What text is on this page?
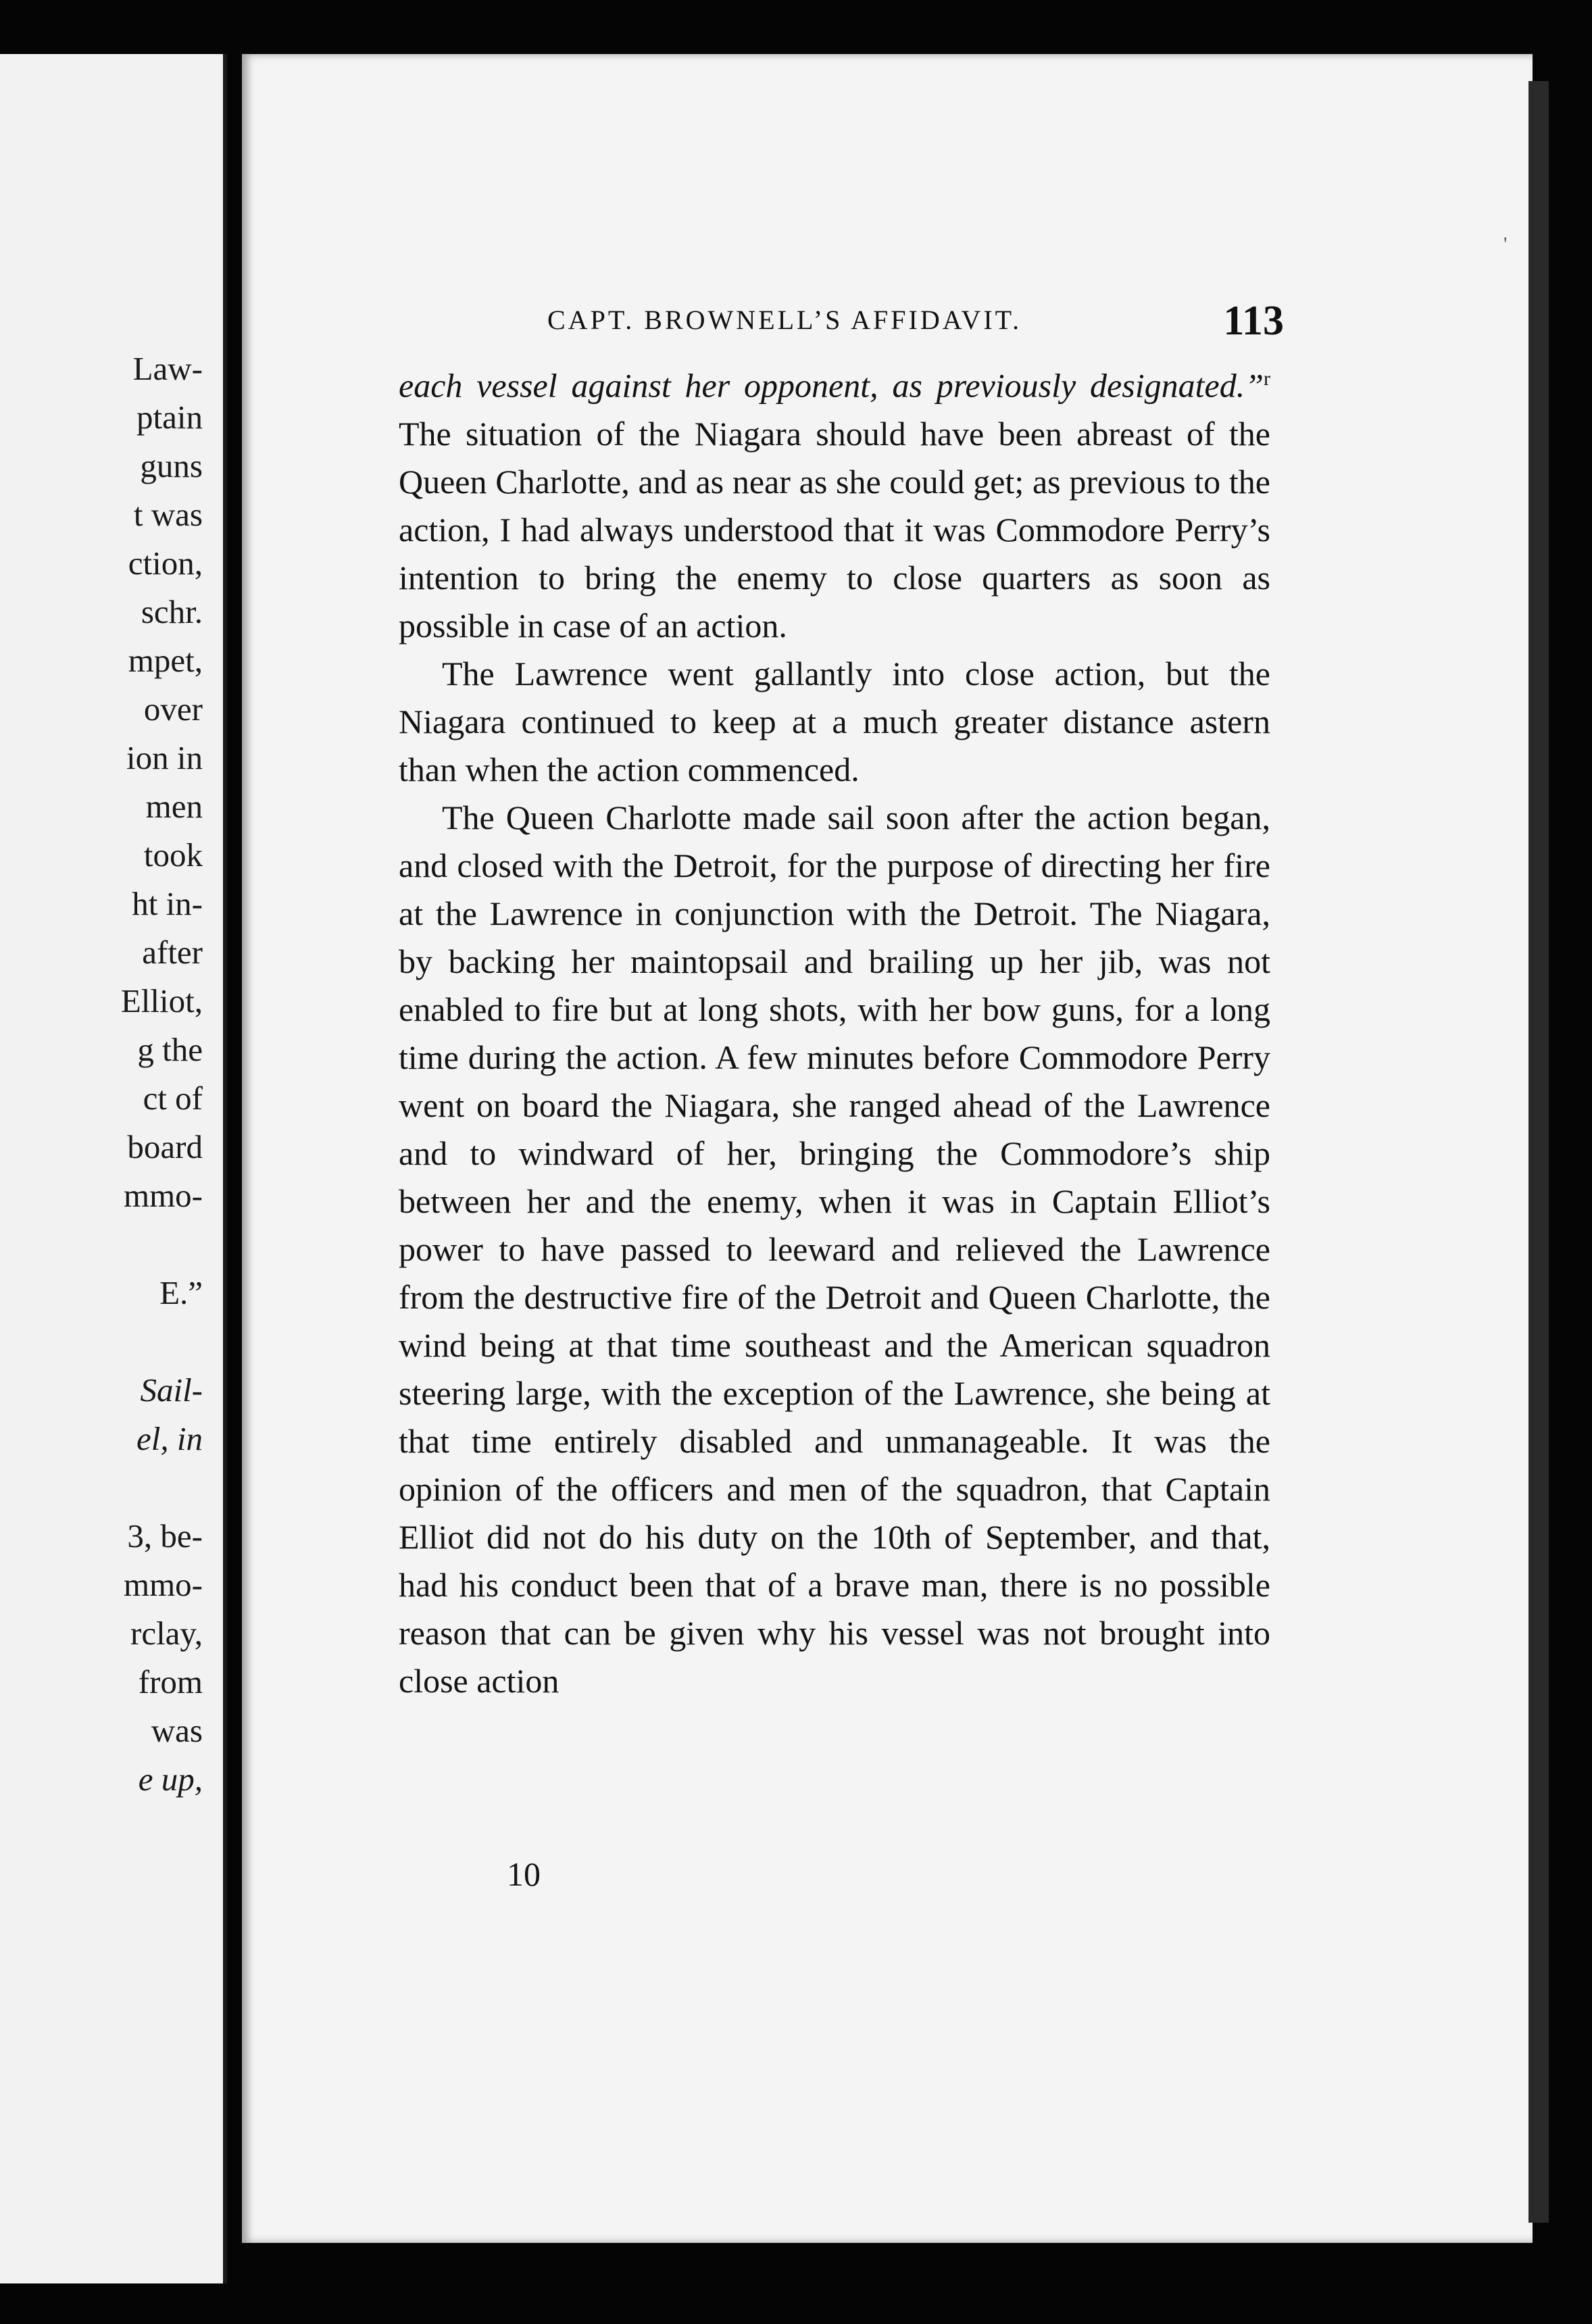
Law-
ptain
guns
t was
ction,
schr.
mpet,
over
ion in
men
took
ht in-
after
Elliot,
g the
ct of
board
mmo-
E.”
Sail-
el, in
3, be-
mmo-
rclay,
from
was
e up,
'
CAPT. BROWNELL’S AFFIDAVIT.	113

each vessel against her opponent, as previously designated.”$^r$ The situation of the Niagara should have been abreast of the Queen Charlotte, and as near as she could get; as previous to the action, I had always understood that it was Commodore Perry’s intention to bring the enemy to close quarters as soon as possible in case of an action.

The Lawrence went gallantly into close action, but the Niagara continued to keep at a much greater distance astern than when the action commenced.

The Queen Charlotte made sail soon after the action began, and closed with the Detroit, for the purpose of directing her fire at the Lawrence in conjunction with the Detroit. The Niagara, by backing her maintopsail and brailing up her jib, was not enabled to fire but at long shots, with her bow guns, for a long time during the action. A few minutes before Commodore Perry went on board the Niagara, she ranged ahead of the Lawrence and to windward of her, bringing the Commodore’s ship between her and the enemy, when it was in Captain Elliot’s power to have passed to leeward and relieved the Lawrence from the destructive fire of the Detroit and Queen Charlotte, the wind being at that time southeast and the American squadron steering large, with the exception of the Lawrence, she being at that time entirely disabled and unmanageable. It was the opinion of the officers and men of the squadron, that Captain Elliot did not do his duty on the 10th of September, and that, had his conduct been that of a brave man, there is no possible reason that can be given why his vessel was not brought into close action

10
